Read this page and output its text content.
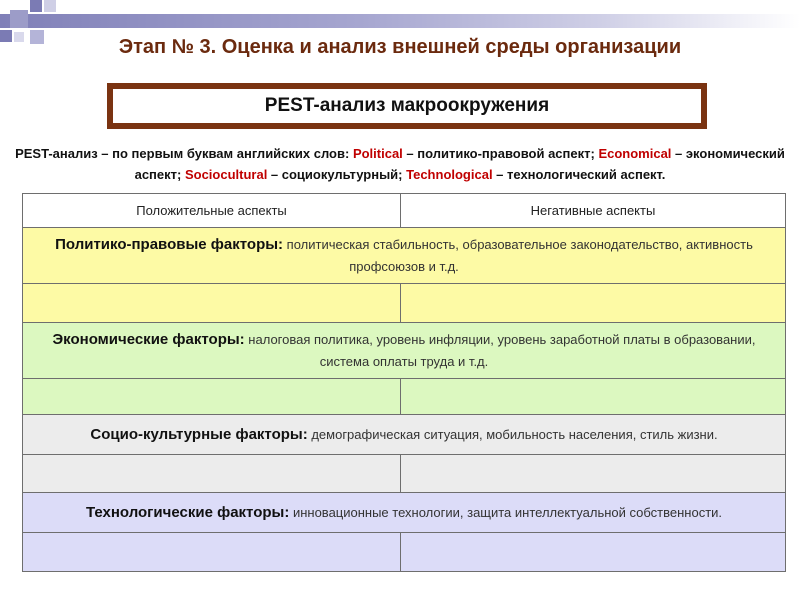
Этап № 3. Оценка и анализ внешней среды организации
PEST-анализ макроокружения
PEST-анализ – по первым буквам английских слов: Political – политико-правовой аспект; Economical – экономический аспект; Sociocultural – социокультурный; Technological – технологический аспект.
Положительные аспекты	Негативные аспекты
Политико-правовые факторы: политическая стабильность, образовательное законодательство, активность профсоюзов и т.д.	

Экономические факторы: налоговая политика, уровень инфляции, уровень заработной платы в образовании, система оплаты труда и т.д.	

Социо-культурные факторы: демографическая ситуация, мобильность населения, стиль жизни.	

Технологические факторы: инновационные технологии, защита интеллектуальной собственности.	
